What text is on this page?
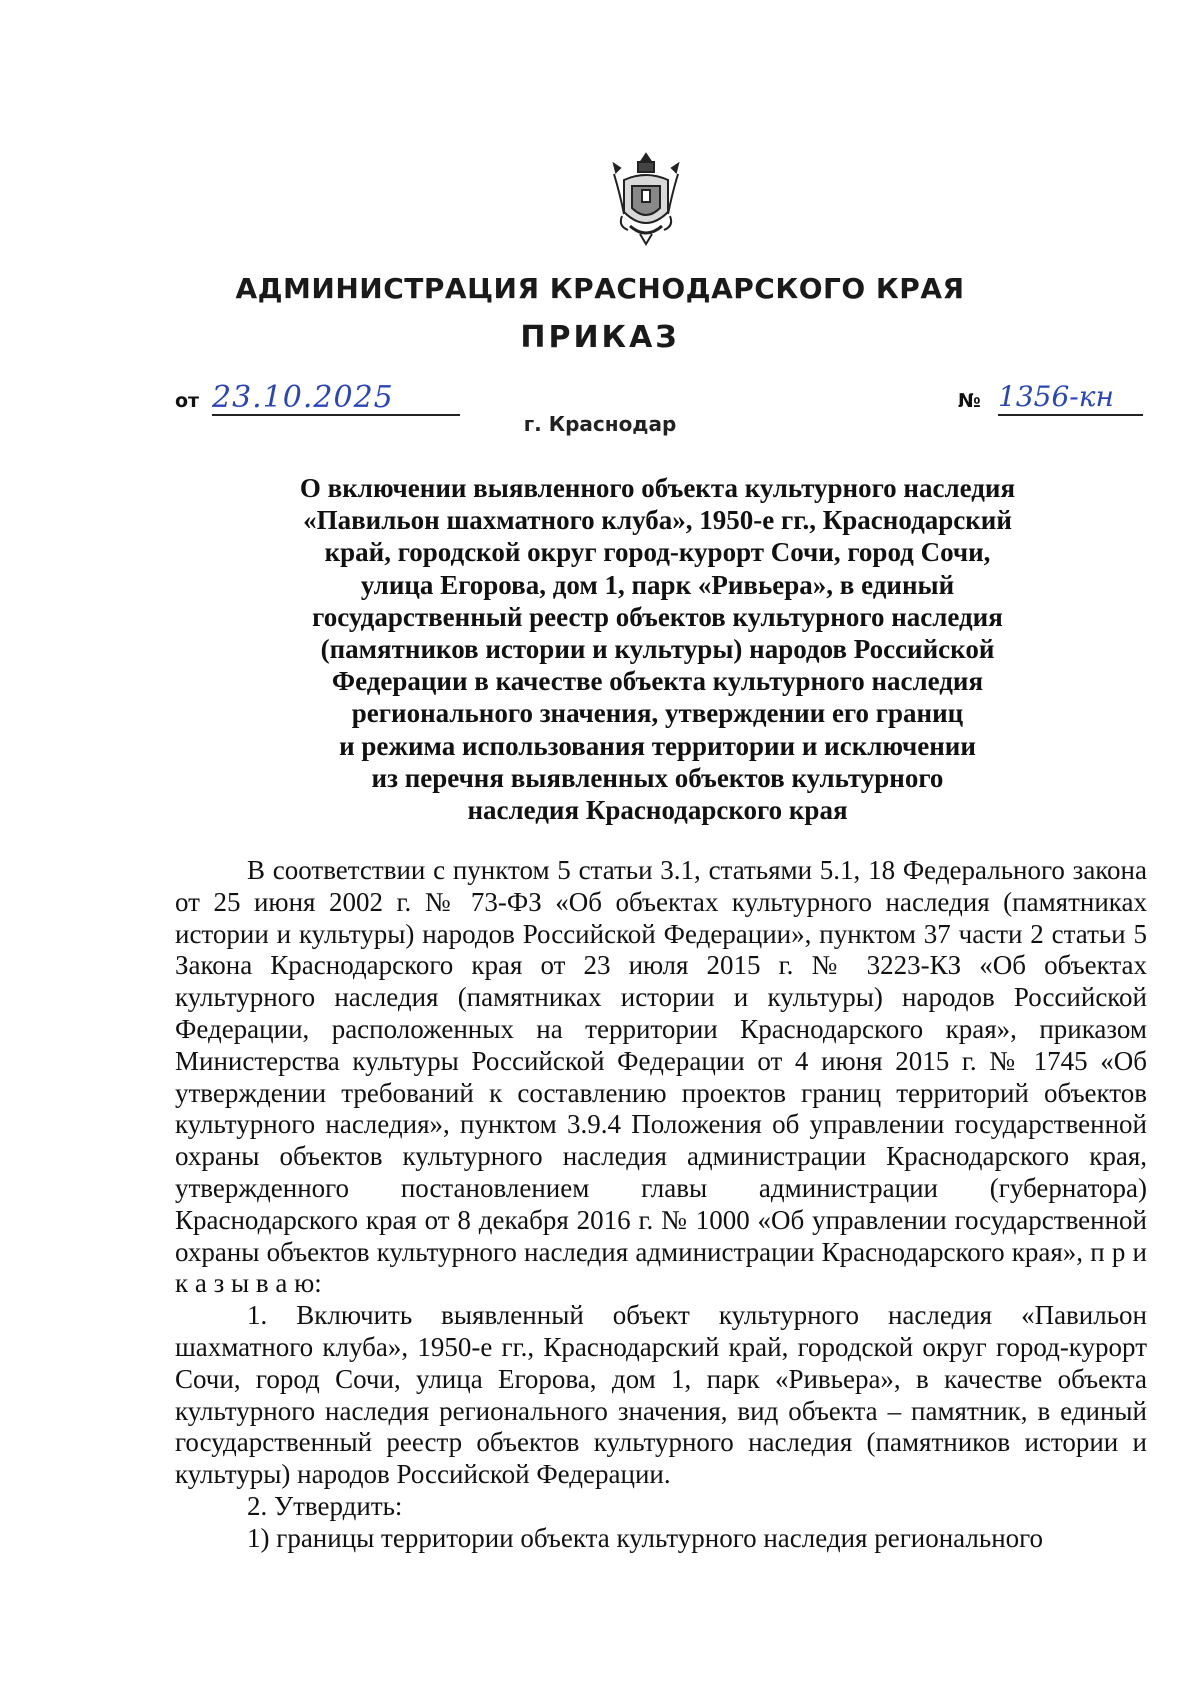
АДМИНИСТРАЦИЯ КРАСНОДАРСКОГО КРАЯ
ПРИКАЗ
от 23.10.2025
г. Краснодар
№ 1356-кн
О включении выявленного объекта культурного наследия
«Павильон шахматного клуба», 1950-е гг., Краснодарский
край, городской округ город-курорт Сочи, город Сочи,
улица Егорова, дом 1, парк «Ривьера», в единый
государственный реестр объектов культурного наследия
(памятников истории и культуры) народов Российской
Федерации в качестве объекта культурного наследия
регионального значения, утверждении его границ
и режима использования территории и исключении
из перечня выявленных объектов культурного
наследия Краснодарского края

В соответствии с пунктом 5 статьи 3.1, статьями 5.1, 18 Федерального закона от 25 июня 2002 г. № 73-ФЗ «Об объектах культурного наследия (памятниках истории и культуры) народов Российской Федерации», пунктом 37 части 2 статьи 5 Закона Краснодарского края от 23 июля 2015 г. № 3223-КЗ «Об объектах культурного наследия (памятниках истории и культуры) народов Российской Федерации, расположенных на территории Краснодарского края», приказом Министерства культуры Российской Федерации от 4 июня 2015 г. № 1745 «Об утверждении требований к составлению проектов границ территорий объектов культурного наследия», пунктом 3.9.4 Положения об управлении государственной охраны объектов культурного наследия администрации Краснодарского края, утвержденного постановлением главы администрации (губернатора) Краснодарского края от 8 декабря 2016 г. № 1000 «Об управлении государственной охраны объектов культурного наследия администрации Краснодарского края», п р и к а з ы в а ю:

1. Включить выявленный объект культурного наследия «Павильон шахматного клуба», 1950-е гг., Краснодарский край, городской округ город-курорт Сочи, город Сочи, улица Егорова, дом 1, парк «Ривьера», в качестве объекта культурного наследия регионального значения, вид объекта – памятник, в единый государственный реестр объектов культурного наследия (памятников истории и культуры) народов Российской Федерации.

2. Утвердить:

1) границы территории объекта культурного наследия регионального
